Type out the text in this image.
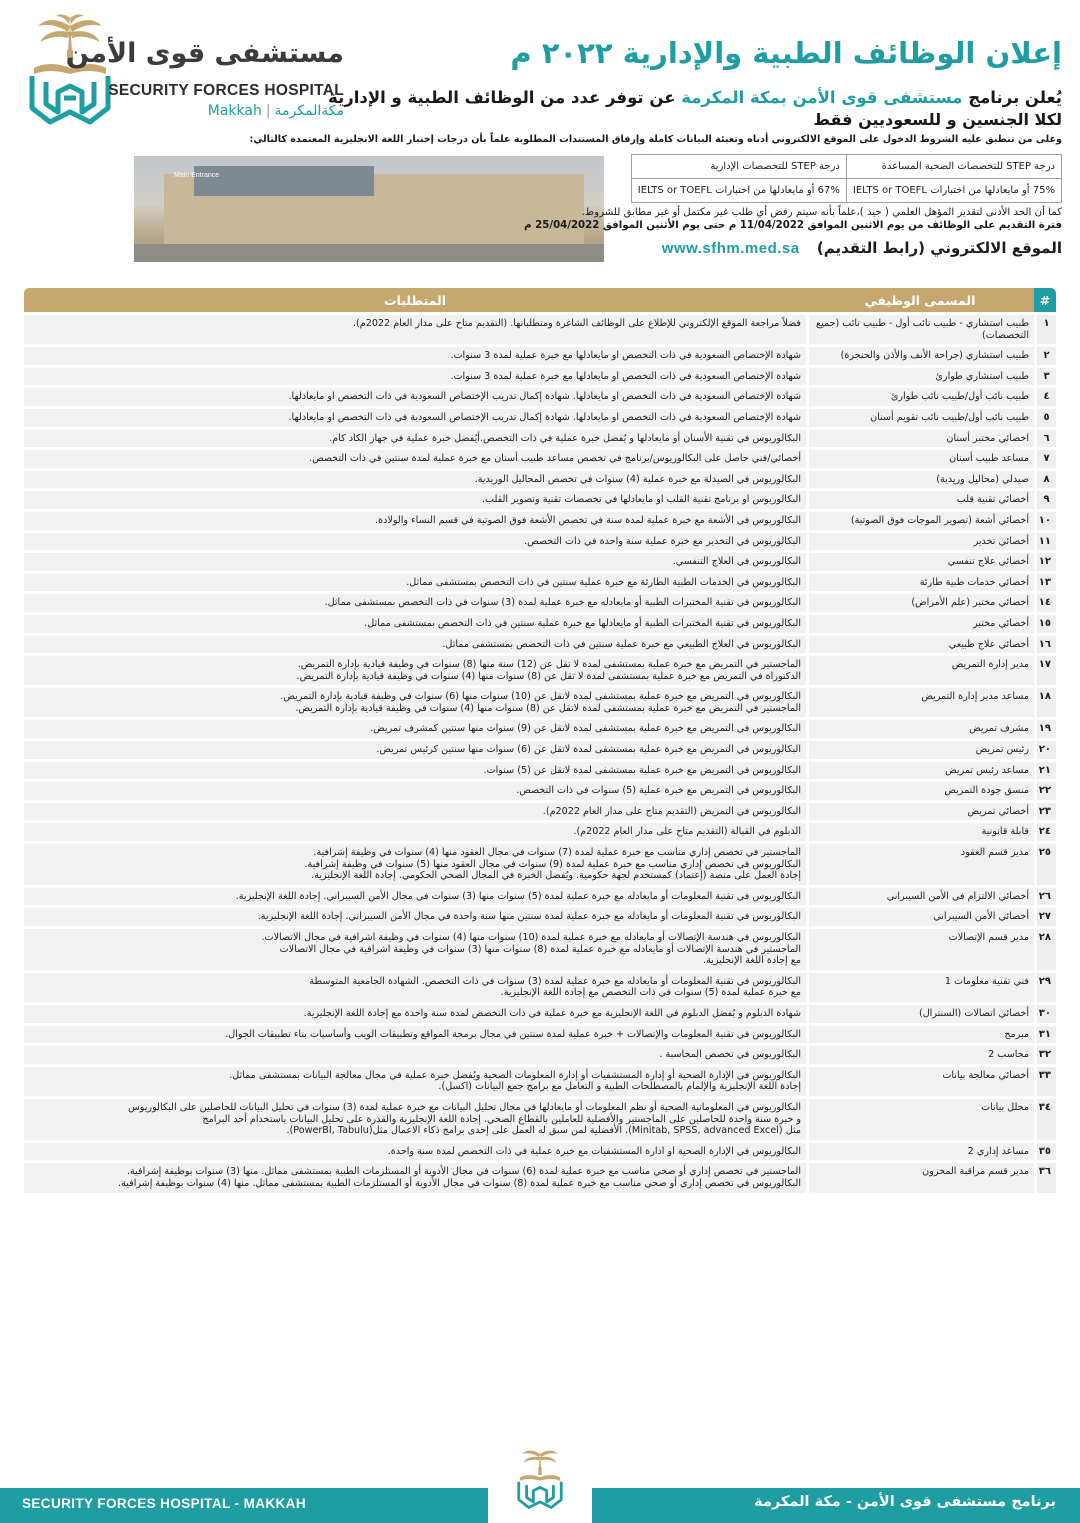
مستشفى قوى الأمن
SECURITY FORCES HOSPITAL
Makkah | مكةالمكرمة
إعلان الوظائف الطبية والإدارية ٢٠٢٢ م
يُعلن برنامج مستشفى قوى الأمن بمكة المكرمة عن توفر عدد من الوظائف الطبية و الإدارية
لكلا الجنسين و للسعوديين فقط
وعلى من تنطبق عليه الشروط الدخول على الموقع الالكتروني أدناه وتعبئة البيانات كاملة وإرفاق المستندات المطلوبة علماً بأن درجات إختبار اللغة الانجليزية المعتمدة كالتالي:
Main Entrance
درجة STEP للتخصصات الصحية المساعدة	درجة STEP للتخصصات الإدارية
75% أو مايعادلها من اختبارات IELTS or TOEFL	67% أو مايعادلها من اختبارات IELTS or TOEFL
كما أن الحد الأدنى لتقدير المؤهل العلمي ( جيد )،علماً بأنه سيتم رفض أي طلب غير مكتمل أو غير مطابق للشروط.
فترة التقديم على الوظائف من يوم الاثنين الموافق 11/04/2022 م حتى يوم الأثنين الموافق 25/04/2022 م
الموقع الالكتروني (رابط التقديم) www.sfhm.med.sa
#	المسمى الوظيفي	المتطلبات
١	طبيب استشاري - طبيب نائب أول - طبيب نائب (جميع التخصصات)	فضلاً مراجعة الموقع الإلكتروني للإطلاع على الوظائف الشاغرة ومتطلباتها. (التقديم متاح على مدار العام 2022م).

٢	طبيب استشاري (جراحة الأنف والأذن والحنجرة)	شهادة الإختصاص السعودية في ذات التخصص او مايعادلها مع خبرة عملية لمدة 3 سنوات.

٣	طبيب استشاري طوارئ	شهادة الإختصاص السعودية في ذات التخصص او مايعادلها مع خبرة عملية لمدة 3 سنوات.

٤	طبيب نائب أول/طبيب نائب طوارئ	شهادة الإختصاص السعودية في ذات التخصص او مايعادلها. شهادة إكمال تدريب الإختصاص السعودية في ذات التخصص او مايعادلها.

٥	طبيب نائب أول/طبيب نائب تقويم أسنان	شهادة الإختصاص السعودية في ذات التخصص او مايعادلها. شهادة إكمال تدريب الإختصاص السعودية في ذات التخصص او مايعادلها.

٦	اخصائي مختبر أسنان	البكالوريوس في تقنية الأسنان أو مايعادلها و يُفضل خبرة عملية في ذات التخصص.أيُفضل خبرة عملية في جهاز الكاد كام.

٧	مساعد طبيب أسنان	أخصائي/فني حاصل على البكالوريوس/برنامج في تخصص مساعد طبيب أسنان مع خبرة عملية لمدة سنتين في ذات التخصص.

٨	صيدلي (محاليل وريدية)	البكالوريوس في الصيدلة مع خبرة عملية (4) سنوات في تخصص المحاليل الوريدية.

٩	أخصائي تقنية قلب	البكالوريوس او برنامج تقنية القلب او مايعادلها في تخصصات تقنية وتصوير القلب.

١٠	أخصائي أشعة (تصوير الموجات فوق الصوتية)	البكالوريوس في الأشعة مع خبرة عملية لمدة سنة في تخصص الأشعة فوق الصوتية في قسم النساء والولادة.

١١	أخصائي تخدير	البكالوريوس في التخدير مع خبرة عملية سنة واحدة في ذات التخصص.

١٢	أخصائي علاج تنفسي	البكالوريوس في العلاج التنفسي.

١٣	أخصائي خدمات طبية طارئة	البكالوريوس في الخدمات الطبية الطارئة مع خبرة عملية سنتين في ذات التخصص بمستشفى مماثل.

١٤	أخصائي مختبر (علم الأمراض)	البكالوريوس في تقنية المختبرات الطبية أو مايعادله مع خبرة عملية لمدة (3) سنوات في ذات التخصص بمستشفى مماثل.

١٥	أخصائي مختبر	البكالوريوس في تقنية المختبرات الطبية أو مايعادلها مع خبرة عملية سنتين في ذات التخصص بمستشفى مماثل.

١٦	أخصائي علاج طبيعي	البكالوريوس في العلاج الطبيعي مع خبرة عملية سنتين في ذات التخصص بمستشفى مماثل.

١٧	مدير إدارة التمريض	الماجستير في التمريض مع خبرة عملية بمستشفى لمدة لا تقل عن (12) سنة منها (8) سنوات في وظيفة قيادية بإدارة التمريض.
الدكتوراة في التمريض مع خبرة عملية بمستشفى لمدة لا تقل عن (8) سنوات منها (4) سنوات في وظيفة قيادية بإدارة التمريض.

١٨	مساعد مدير إدارة التمريض	البكالوريوس في التمريض مع خبرة عملية بمستشفى لمدة لاتقل عن (10) سنوات منها (6) سنوات في وظيفة قيادية بإدارة التمريض.
الماجستير في التمريض مع خبرة عملية بمستشفى لمدة لاتقل عن (8) سنوات منها (4) سنوات في وظيفة قيادية بإدارة التمريض.

١٩	مشرف تمريض	البكالوريوس في التمريض مع خبرة عملية بمستشفى لمدة لاتقل عن (9) سنوات منها سنتين كمشرف تمريض.

٢٠	رئيس تمريض	البكالوريوس في التمريض مع خبرة عملية بمستشفى لمدة لاتقل عن (6) سنوات منها سنتين كرئيس تمريض.

٢١	مساعد رئيس تمريض	البكالوريوس في التمريض مع خبرة عملية بمستشفى لمدة لاتقل عن (5) سنوات.

٢٢	منسق جودة التمريض	البكالوريوس في التمريض مع خبرة عملية (5) سنوات في ذات التخصص.

٢٣	أخصائي تمريض	البكالوريوس في التمريض (التقديم متاح على مدار العام 2022م).

٢٤	قابلة قانونية	الدبلوم في القبالة (التقديم متاح على مدار العام 2022م).

٢٥	مدير قسم العقود	الماجستير في تخصص إداري مناسب مع خبرة عملية لمدة (7) سنوات في مجال العقود منها (4) سنوات في وظيفة إشرافية.
البكالوريوس في تخصص إداري مناسب مع خبرة عملية لمدة (9) سنوات في مجال العقود منها (5) سنوات في وظيفة إشرافية.
إجادة العمل على منصة (إعتماد) كمستخدم لجهة حكومية. ويُفضل الخبرة في المجال الصحي الحكومي. إجادة اللغة الإنجليزية.

٢٦	أخصائي الالتزام في الأمن السيبراني	البكالوريوس في تقنية المعلومات أو مايعادله مع خبرة عملية لمدة (5) سنوات منها (3) سنوات في مجال الأمن السيبراني. إجادة اللغة الإنجليزية.

٢٧	أخصائي الأمن السيبراني	البكالوريوس في تقنية المعلومات أو مايعادله مع خبرة عملية لمدة سنتين منها سنة واحدة في مجال الأمن السيبراني. إجادة اللغة الإنجليزية.

٢٨	مدير قسم الإتصالات	البكالوريوس في هندسة الإتصالات أو مايعادله مع خبرة عملية لمدة (10) سنوات منها (4) سنوات في وظيفة اشرافية في مجال الاتصالات.
الماجستير في هندسة الإتصالات أو مايعادله مع خبرة عملية لمدة (8) سنوات منها (3) سنوات في وظيفة اشرافية في مجال الاتصالات
مع إجادة اللغة الإنجليزية.

٢٩	فني تقنية معلومات 1	البكالوريوس في تقنية المعلومات أو مايعادله مع خبرة عملية لمدة (3) سنوات في ذات التخصص. الشهادة الجامعية المتوسطة
مع خبرة عملية لمدة (5) سنوات في ذات التخصص مع إجادة اللغة الإنجليزية.

٣٠	أخصائي اتصالات (السنترال)	شهادة الدبلوم و يُفضل الدبلوم في اللغة الإنجليزية مع خبرة عملية في ذات التخصص لمدة سنة واحدة مع إجادة اللغة الإنجليزية.

٣١	مبرمج	البكالوريوس في تقنية المعلومات والإتصالات + خبرة عملية لمدة سنتين في مجال برمجة المواقع وتطبيقات الويب وأساسيات بناء تطبيقات الجوال.

٣٢	محاسب 2	البكالوريوس في تخصص المحاسبة .

٣٣	أخصائي معالجة بيانات	البكالوريوس في الإدارة الصحية أو إدارة المستشفيات أو إدارة المعلومات الصحية ويُفضل خبرة عملية في مجال معالجة البيانات بمستشفى مماثل.
إجادة اللغة الإنجليزية والإلمام بالمصطلحات الطبية و التعامل مع برامج جمع البيانات (اكسل).

٣٤	محلل بيانات	البكالوريوس في المعلوماتية الصحية أو نظم المعلومات أو مايعادلها في مجال تحليل البيانات مع خبرة عملية لمدة (3) سنوات في تحليل البيانات للحاصلين على البكالوريوس
و خبرة سنة واحدة للحاصلين على الماجستير والأفضلية للعاملين بالقطاع الصحي. إجادة اللغة الإنجليزية والقدرة على تحليل البيانات باستخدام أحد البرامج
مثل (Minitab, SPSS, advanced Excel). الأفضلية لمن سبق له العمل على إحدى برامج ذكاء الاعمال مثل(PowerBI, Tabulu).

٣٥	مساعد إداري 2	البكالوريوس في الإدارة الصحية او ادارة المستشفيات مع خبرة عملية في ذات التخصص لمدة سنة واحدة.

٣٦	مدير قسم مراقبة المخزون	الماجستير في تخصص إداري أو صحي مناسب مع خبرة عملية لمدة (6) سنوات في مجال الأدوية أو المستلزمات الطبية بمستشفى مماثل. منها (3) سنوات بوظيفة إشرافية.
البكالوريوس في تخصص إداري أو صحي مناسب مع خبرة عملية لمدة (8) سنوات في مجال الأدوية أو المستلزمات الطبية بمستشفى مماثل. منها (4) سنوات بوظيفة إشرافية.
SECURITY FORCES HOSPITAL - MAKKAH	برنامج مستشفى قوى الأمن - مكة المكرمة
